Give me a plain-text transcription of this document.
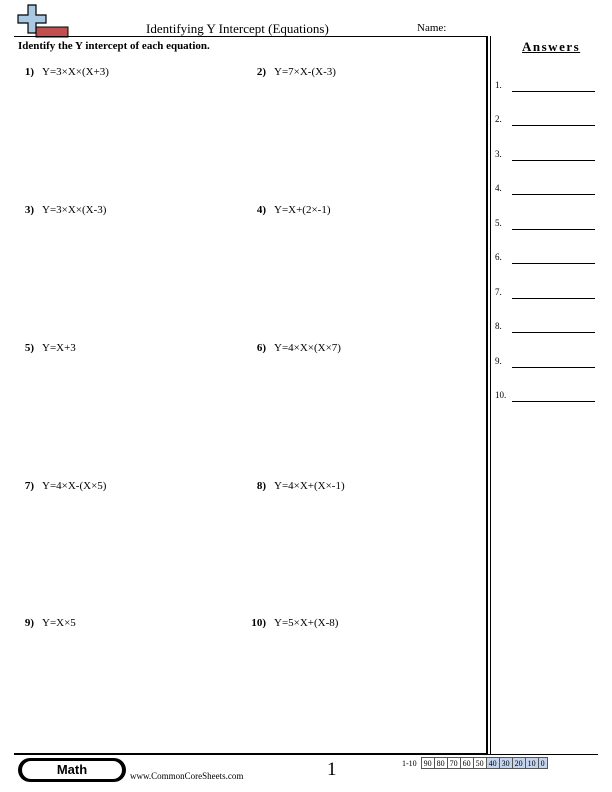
Identifying Y Intercept (Equations)	Name:
Identify the Y intercept of each equation.
1) Y=3×X×(X+3)	2) Y=7×X-(X-3)
3) Y=3×X×(X-3)	4) Y=X+(2×-1)
5) Y=X+3	6) Y=4×X×(X×7)
7) Y=4×X-(X×5)	8) Y=4×X+(X×-1)
9) Y=X×5	10) Y=5×X+(X-8)
Answers
1.
2.
3.
4.
5.
6.
7.
8.
9.
10.
Math	www.CommonCoreSheets.com	1	1-10	90	80	70	60	50	40	30	20	10	0
